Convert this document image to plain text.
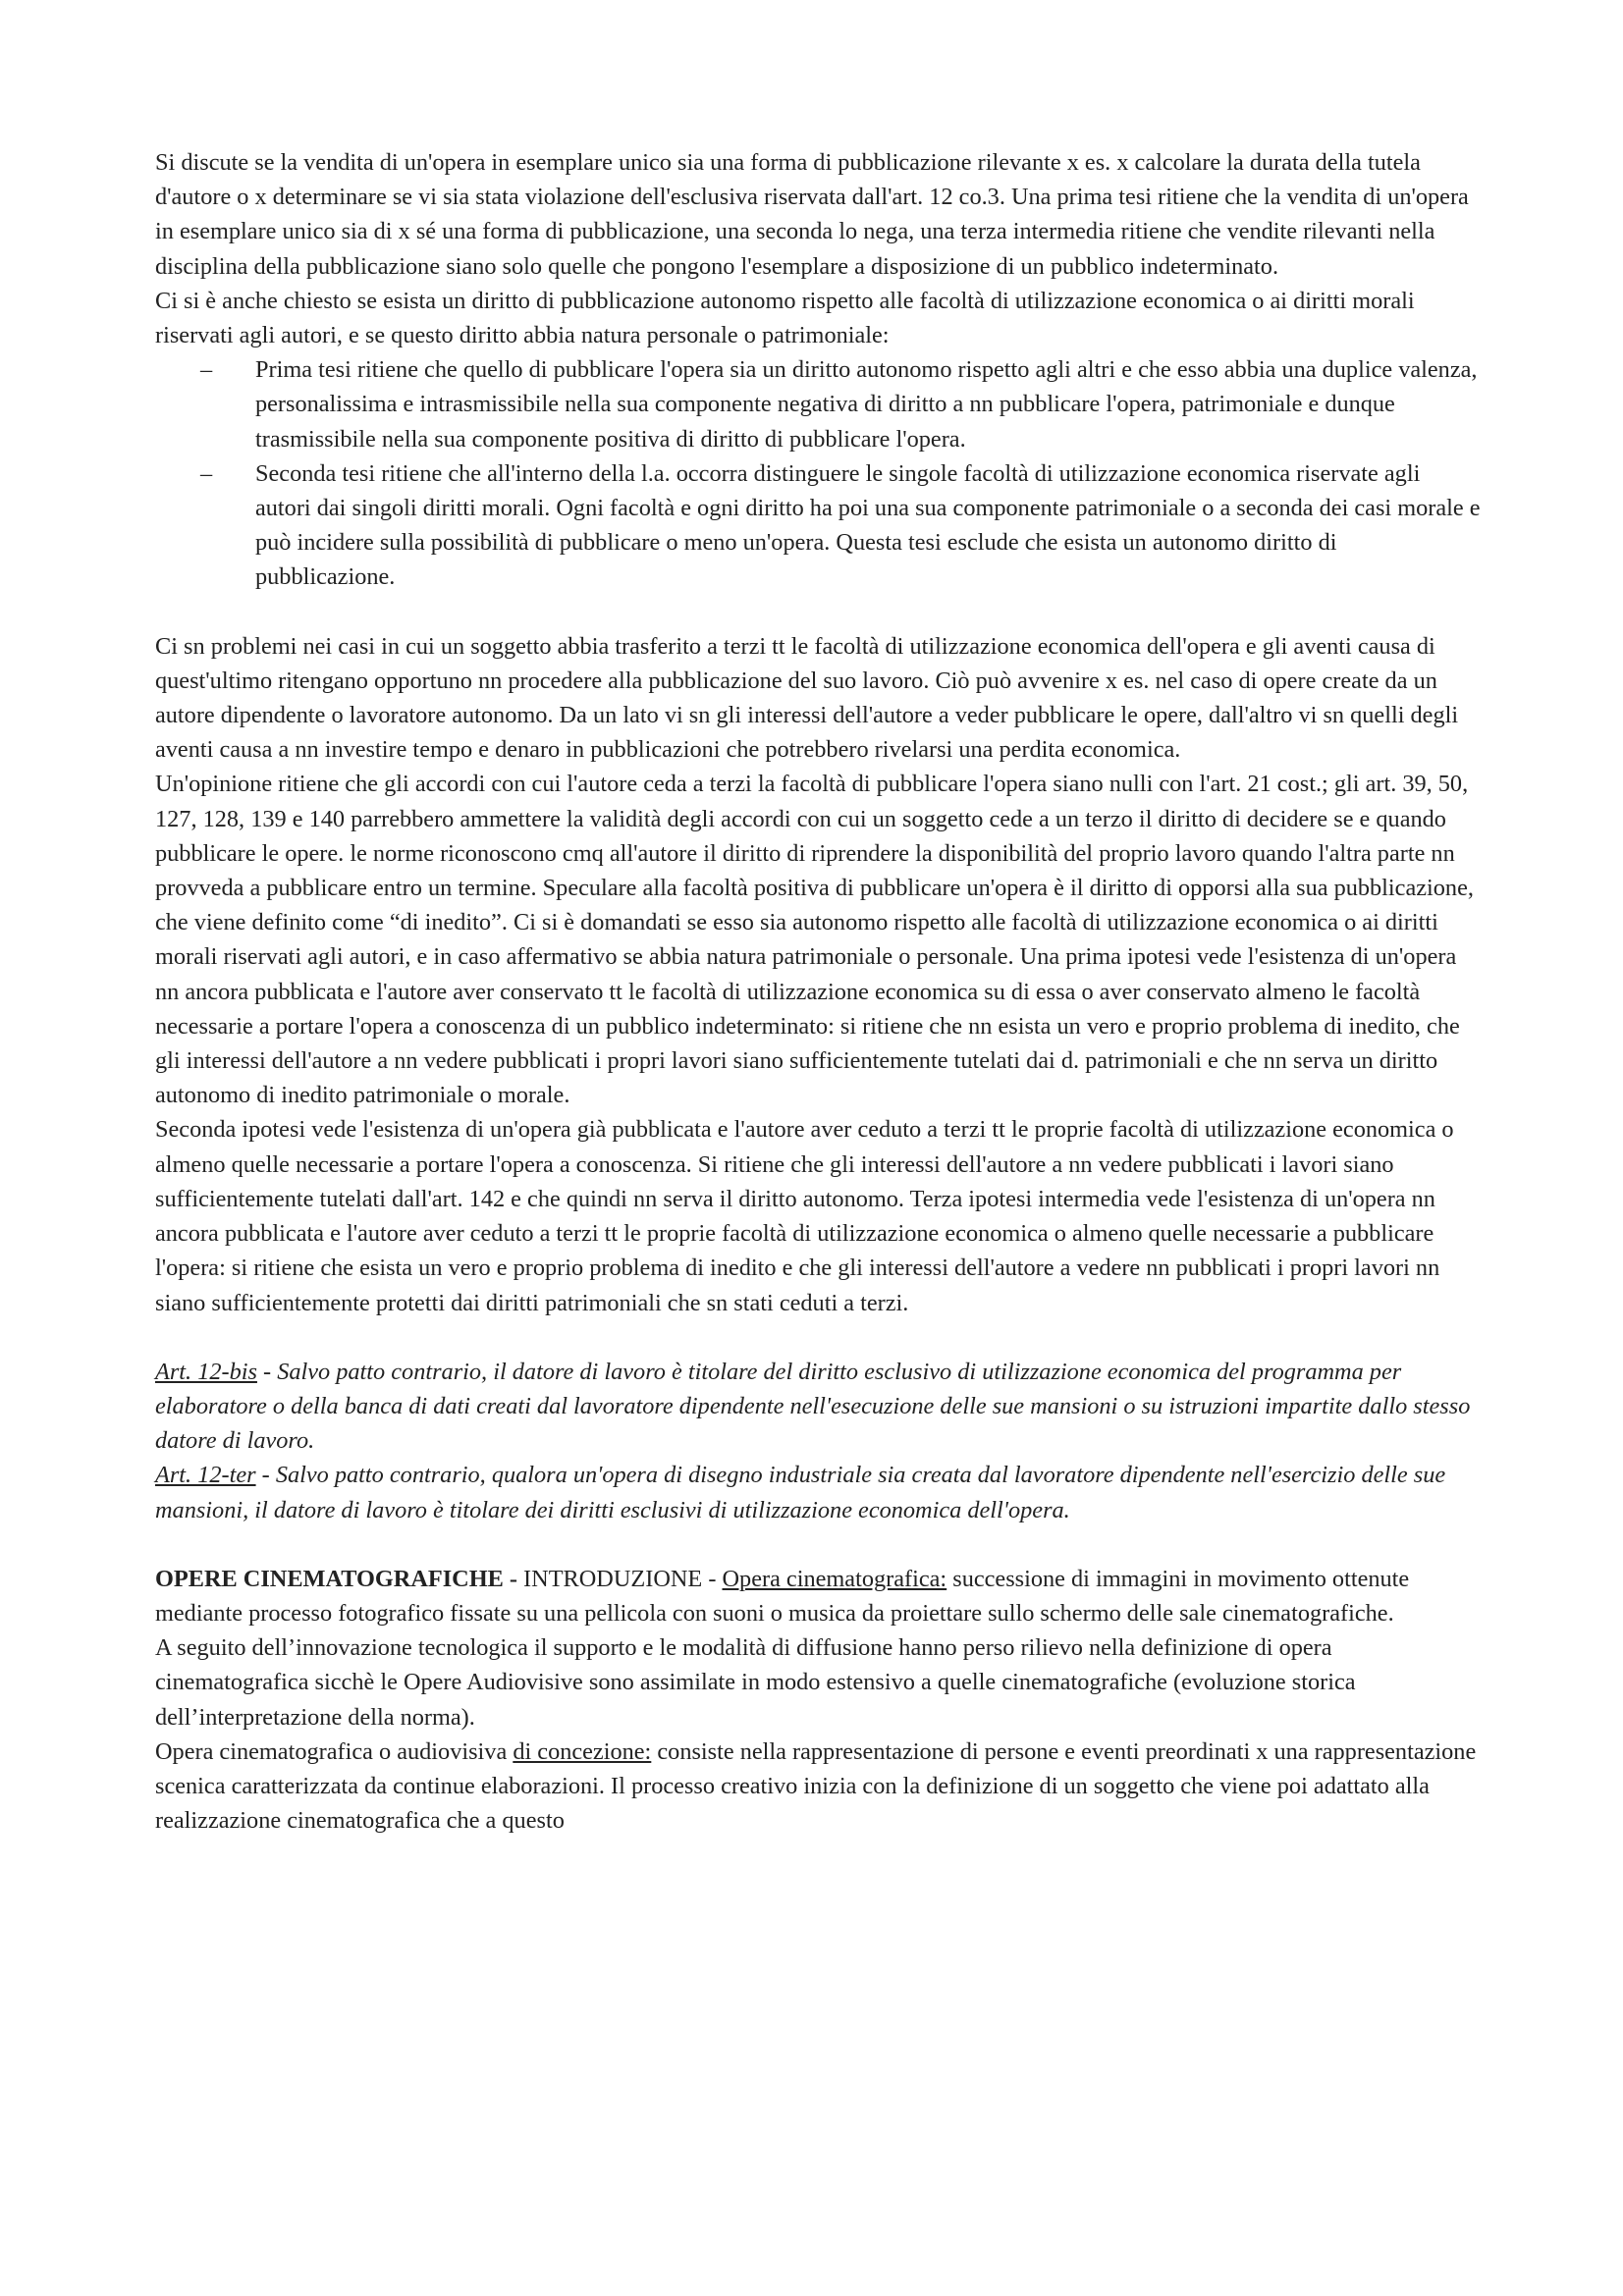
Si discute se la vendita di un'opera in esemplare unico sia una forma di pubblicazione rilevante x es. x calcolare la durata della tutela d'autore o x determinare se vi sia stata violazione dell'esclusiva riservata dall'art. 12 co.3. Una prima tesi ritiene che la vendita di un'opera in esemplare unico sia di x sé una forma di pubblicazione, una seconda lo nega, una terza intermedia ritiene che vendite rilevanti nella disciplina della pubblicazione siano solo quelle che pongono l'esemplare a disposizione di un pubblico indeterminato.

Ci si è anche chiesto se esista un diritto di pubblicazione autonomo rispetto alle facoltà di utilizzazione economica o ai diritti morali riservati agli autori, e se questo diritto abbia natura personale o patrimoniale:

– Prima tesi ritiene che quello di pubblicare l'opera sia un diritto autonomo rispetto agli altri e che esso abbia una duplice valenza, personalissima e intrasmissibile nella sua componente negativa di diritto a nn pubblicare l'opera, patrimoniale e dunque trasmissibile nella sua componente positiva di diritto di pubblicare l'opera.
– Seconda tesi ritiene che all'interno della l.a. occorra distinguere le singole facoltà di utilizzazione economica riservate agli autori dai singoli diritti morali. Ogni facoltà e ogni diritto ha poi una sua componente patrimoniale o a seconda dei casi morale e può incidere sulla possibilità di pubblicare o meno un'opera. Questa tesi esclude che esista un autonomo diritto di pubblicazione.

Ci sn problemi nei casi in cui un soggetto abbia trasferito a terzi tt le facoltà di utilizzazione economica dell'opera e gli aventi causa di quest'ultimo ritengano opportuno nn procedere alla pubblicazione del suo lavoro. Ciò può avvenire x es. nel caso di opere create da un autore dipendente o lavoratore autonomo. Da un lato vi sn gli interessi dell'autore a veder pubblicare le opere, dall'altro vi sn quelli degli aventi causa a nn investire tempo e denaro in pubblicazioni che potrebbero rivelarsi una perdita economica.

Un'opinione ritiene che gli accordi con cui l'autore ceda a terzi la facoltà di pubblicare l'opera siano nulli con l'art. 21 cost.; gli art. 39, 50, 127, 128, 139 e 140 parrebbero ammettere la validità degli accordi con cui un soggetto cede a un terzo il diritto di decidere se e quando pubblicare le opere. le norme riconoscono cmq all'autore il diritto di riprendere la disponibilità del proprio lavoro quando l'altra parte nn provveda a pubblicare entro un termine. Speculare alla facoltà positiva di pubblicare un'opera è il diritto di opporsi alla sua pubblicazione, che viene definito come “di inedito”. Ci si è domandati se esso sia autonomo rispetto alle facoltà di utilizzazione economica o ai diritti morali riservati agli autori, e in caso affermativo se abbia natura patrimoniale o personale. Una prima ipotesi vede l'esistenza di un'opera nn ancora pubblicata e l'autore aver conservato tt le facoltà di utilizzazione economica su di essa o aver conservato almeno le facoltà necessarie a portare l'opera a conoscenza di un pubblico indeterminato: si ritiene che nn esista un vero e proprio problema di inedito, che gli interessi dell'autore a nn vedere pubblicati i propri lavori siano sufficientemente tutelati dai d. patrimoniali e che nn serva un diritto autonomo di inedito patrimoniale o morale.

Seconda ipotesi vede l'esistenza di un'opera già pubblicata e l'autore aver ceduto a terzi tt le proprie facoltà di utilizzazione economica o almeno quelle necessarie a portare l'opera a conoscenza. Si ritiene che gli interessi dell'autore a nn vedere pubblicati i lavori siano sufficientemente tutelati dall'art. 142 e che quindi nn serva il diritto autonomo. Terza ipotesi intermedia vede l'esistenza di un'opera nn ancora pubblicata e l'autore aver ceduto a terzi tt le proprie facoltà di utilizzazione economica o almeno quelle necessarie a pubblicare l'opera: si ritiene che esista un vero e proprio problema di inedito e che gli interessi dell'autore a vedere nn pubblicati i propri lavori nn siano sufficientemente protetti dai diritti patrimoniali che sn stati ceduti a terzi.

Art. 12-bis - Salvo patto contrario, il datore di lavoro è titolare del diritto esclusivo di utilizzazione economica del programma per elaboratore o della banca di dati creati dal lavoratore dipendente nell'esecuzione delle sue mansioni o su istruzioni impartite dallo stesso datore di lavoro.

Art. 12-ter - Salvo patto contrario, qualora un'opera di disegno industriale sia creata dal lavoratore dipendente nell'esercizio delle sue mansioni, il datore di lavoro è titolare dei diritti esclusivi di utilizzazione economica dell'opera.

OPERE CINEMATOGRAFICHE - INTRODUZIONE - Opera cinematografica: successione di immagini in movimento ottenute mediante processo fotografico fissate su una pellicola con suoni o musica da proiettare sullo schermo delle sale cinematografiche.

A seguito dell’innovazione tecnologica il supporto e le modalità di diffusione hanno perso rilievo nella definizione di opera cinematografica sicchè le Opere Audiovisive sono assimilate in modo estensivo a quelle cinematografiche (evoluzione storica dell’interpretazione della norma).

Opera cinematografica o audiovisiva di concezione: consiste nella rappresentazione di persone e eventi preordinati x una rappresentazione scenica caratterizzata da continue elaborazioni. Il processo creativo inizia con la definizione di un soggetto che viene poi adattato alla realizzazione cinematografica che a questo
